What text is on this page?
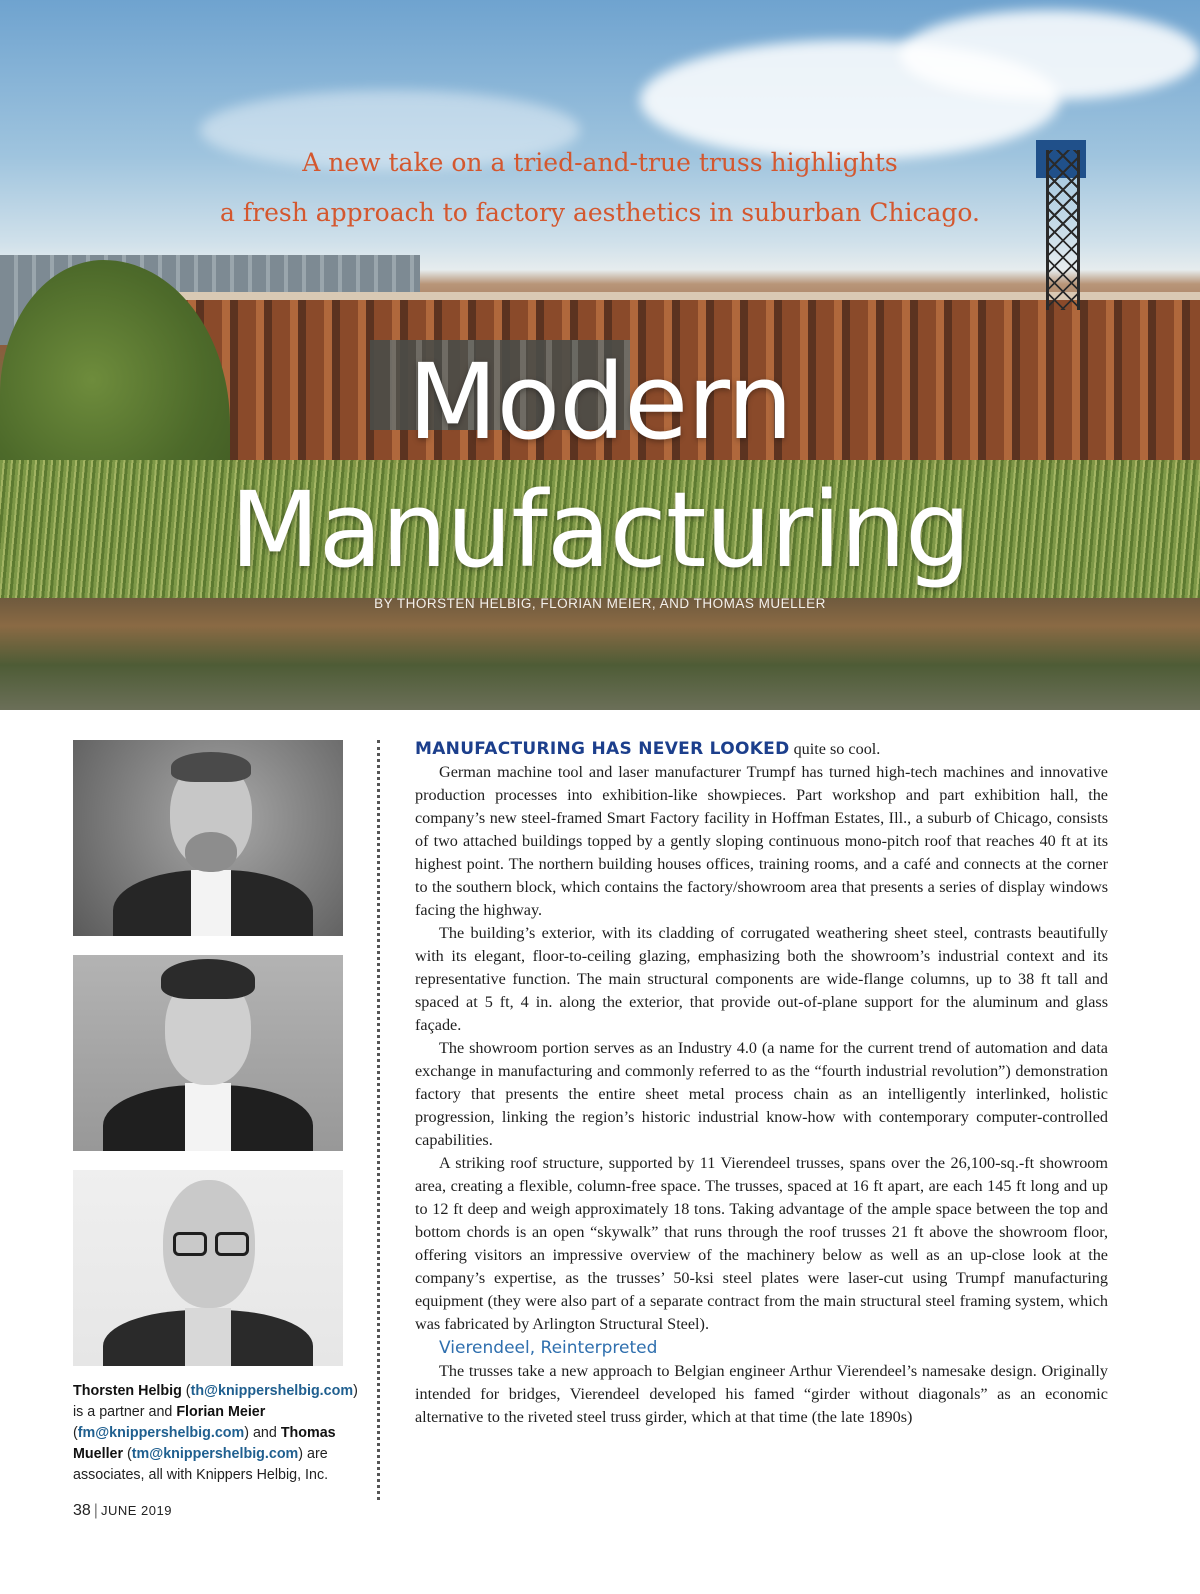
A new take on a tried-and-true truss highlights

a fresh approach to factory aesthetics in suburban Chicago.

Modern
Manufacturing

BY THORSTEN HELBIG, FLORIAN MEIER, AND THOMAS MUELLER

Thorsten Helbig (th@knippershelbig.com) is a partner and Florian Meier (fm@knippershelbig.com) and Thomas Mueller (tm@knippershelbig.com) are associates, all with Knippers Helbig, Inc.

38 | JUNE 2019

MANUFACTURING HAS NEVER LOOKED quite so cool.

German machine tool and laser manufacturer Trumpf has turned high-tech machines and innovative production processes into exhibition-like showpieces. Part workshop and part exhibition hall, the company’s new steel-framed Smart Factory facility in Hoffman Estates, Ill., a suburb of Chicago, consists of two attached buildings topped by a gently sloping continuous mono-pitch roof that reaches 40 ft at its highest point. The northern building houses offices, training rooms, and a café and connects at the corner to the southern block, which contains the factory/showroom area that presents a series of display windows facing the highway.

The building’s exterior, with its cladding of corrugated weathering sheet steel, contrasts beautifully with its elegant, floor-to-ceiling glazing, emphasizing both the showroom’s industrial context and its representative function. The main structural components are wide-flange columns, up to 38 ft tall and spaced at 5 ft, 4 in. along the exterior, that provide out-of-plane support for the aluminum and glass façade.

The showroom portion serves as an Industry 4.0 (a name for the current trend of automation and data exchange in manufacturing and commonly referred to as the “fourth industrial revolution”) demonstration factory that presents the entire sheet metal process chain as an intelligently interlinked, holistic progression, linking the region’s historic industrial know-how with contemporary computer-controlled capabilities.

A striking roof structure, supported by 11 Vierendeel trusses, spans over the 26,100-sq.-ft showroom area, creating a flexible, column-free space. The trusses, spaced at 16 ft apart, are each 145 ft long and up to 12 ft deep and weigh approximately 18 tons. Taking advantage of the ample space between the top and bottom chords is an open “skywalk” that runs through the roof trusses 21 ft above the showroom floor, offering visitors an impressive overview of the machinery below as well as an up-close look at the company’s expertise, as the trusses’ 50-ksi steel plates were laser-cut using Trumpf manufacturing equipment (they were also part of a separate contract from the main structural steel framing system, which was fabricated by Arlington Structural Steel).

Vierendeel, Reinterpreted

The trusses take a new approach to Belgian engineer Arthur Vierendeel’s namesake design. Originally intended for bridges, Vierendeel developed his famed “girder without diagonals” as an economic alternative to the riveted steel truss girder, which at that time (the late 1890s)
